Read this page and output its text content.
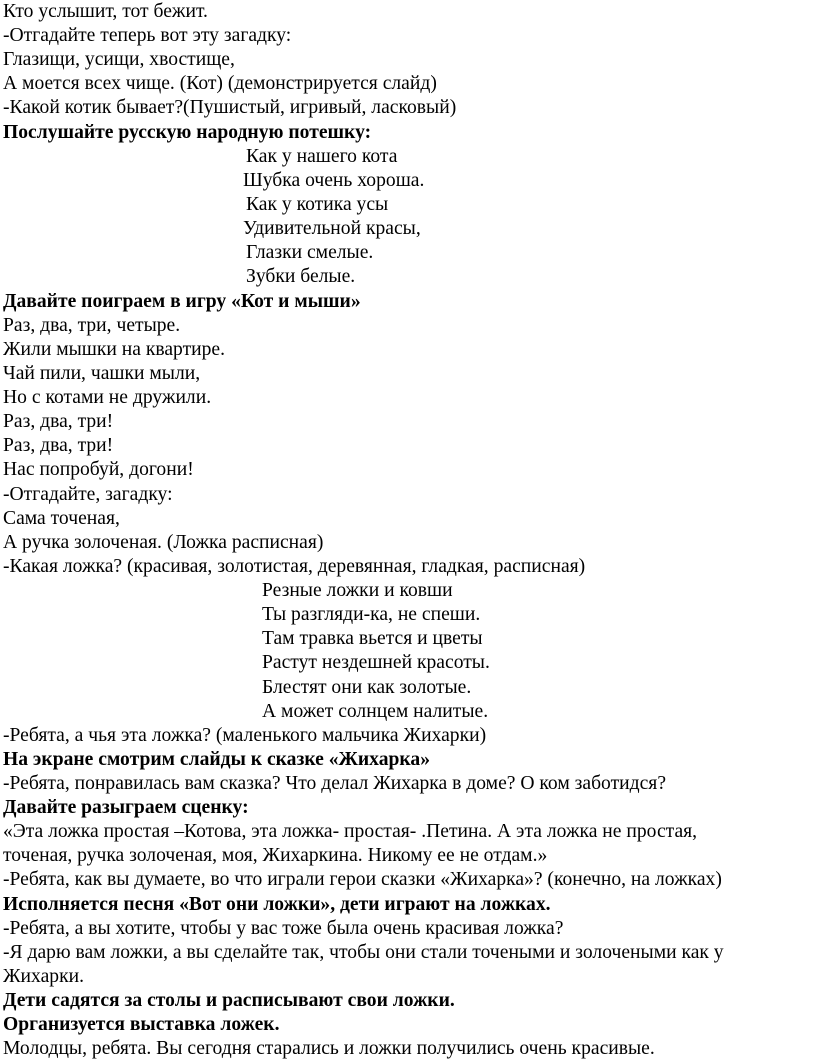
Кто услышит, тот бежит.
-Отгадайте теперь вот эту загадку:
Глазищи, усищи, хвостище,
А моется всех чище. (Кот) (демонстрируется слайд)
-Какой котик бывает?(Пушистый, игривый, ласковый)
Послушайте русскую народную потешку:
Как у нашего кота
Шубка очень хороша.
Как у котика усы
Удивительной красы,
Глазки смелые.
Зубки белые.
Давайте поиграем в игру «Кот и мыши»
Раз, два, три, четыре.
Жили мышки на квартире.
Чай пили, чашки мыли,
Но с котами не дружили.
Раз, два, три!
Раз, два, три!
Нас попробуй, догони!
-Отгадайте, загадку:
Сама точеная,
А ручка золоченая. (Ложка расписная)
-Какая ложка? (красивая, золотистая, деревянная, гладкая, расписная)
Резные ложки и ковши
Ты разгляди-ка, не спеши.
Там травка вьется и цветы
Растут нездешней красоты.
Блестят они как золотые.
А может солнцем налитые.
-Ребята, а чья эта ложка? (маленького мальчика Жихарки)
На экране смотрим слайды к сказке «Жихарка»
-Ребята, понравилась вам сказка? Что делал Жихарка в доме? О ком заботидся?
Давайте разыграем сценку:
«Эта ложка простая –Котова, эта ложка- простая- .Петина. А эта ложка не простая,
точеная, ручка золоченая, моя, Жихаркина. Никому ее не отдам.»
-Ребята, как вы думаете, во что играли герои сказки «Жихарка»? (конечно, на ложках)
Исполняется песня «Вот они ложки», дети играют на ложках.
-Ребята, а вы хотите, чтобы у вас тоже была очень красивая ложка?
-Я дарю вам ложки, а вы сделайте так, чтобы они стали точеными и золочеными как у
Жихарки.
Дети садятся за столы и расписывают свои ложки.
Организуется выставка ложек.
Молодцы, ребята. Вы сегодня старались и ложки получились очень красивые.
